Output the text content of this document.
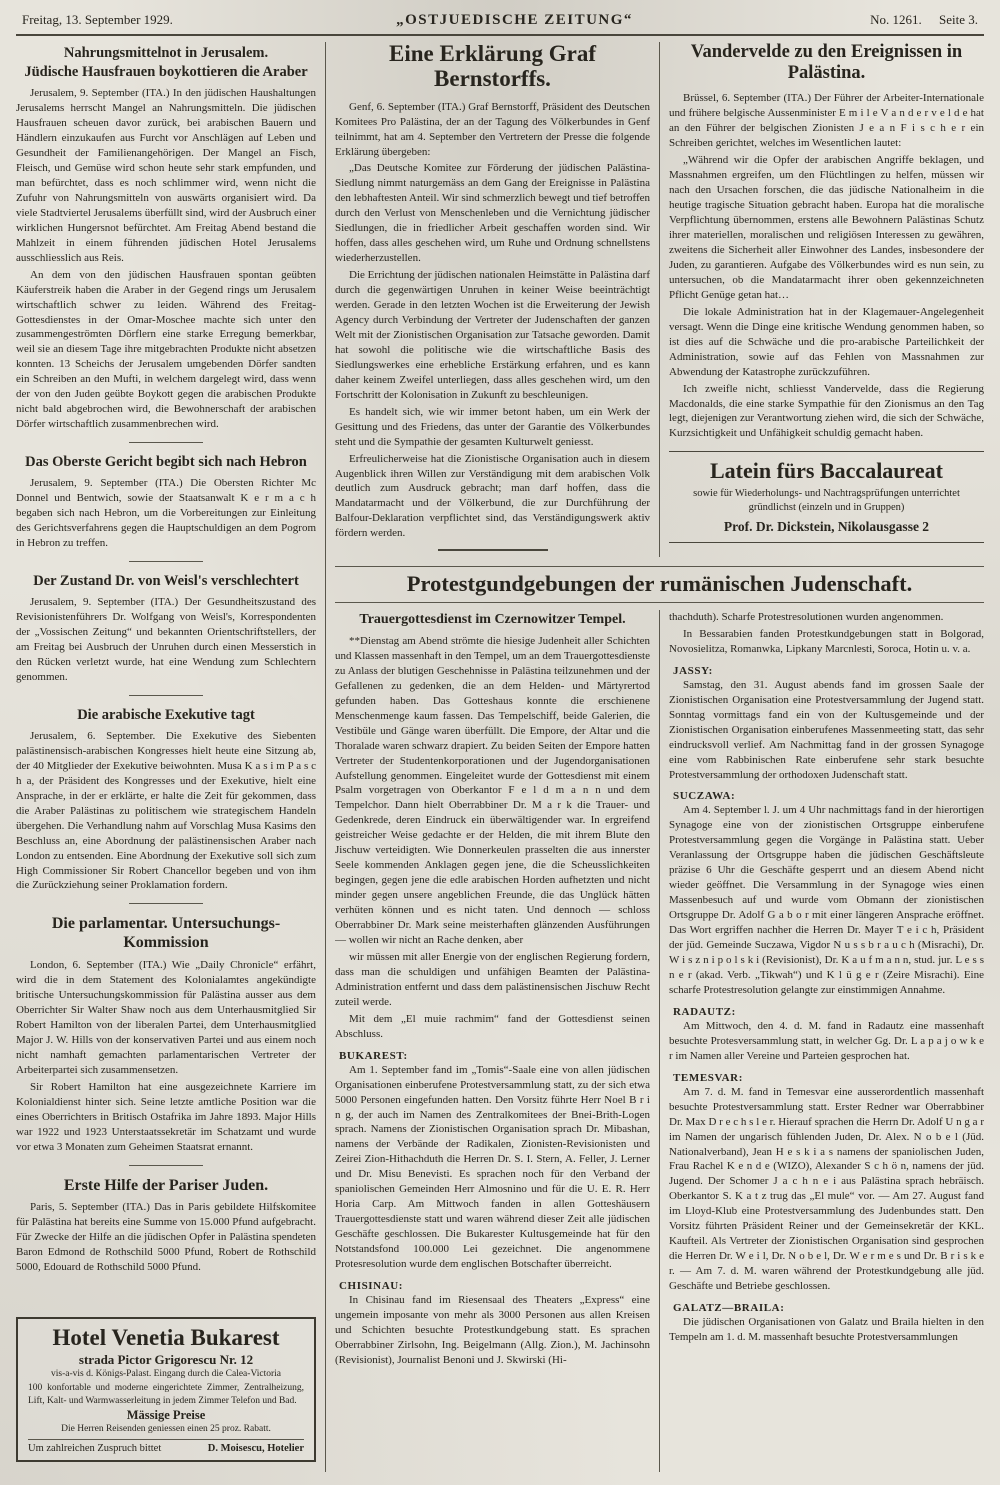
Freitag, 13. September 1929.	„OSTJUEDISCHE ZEITUNG“	No. 1261. Seite 3.
Nahrungsmittelnot in Jerusalem.
Jüdische Hausfrauen boykottieren die Araber

Jerusalem, 9. September (ITA.) In den jüdischen Haushaltungen Jerusalems herrscht Mangel an Nahrungsmitteln. Die jüdischen Hausfrauen scheuen davor zurück, bei arabischen Bauern und Händlern einzukaufen aus Furcht vor Anschlägen auf Leben und Gesundheit der Familienangehörigen. Der Mangel an Fisch, Fleisch, und Gemüse wird schon heute sehr stark empfunden, und man befürchtet, dass es noch schlimmer wird, wenn nicht die Zufuhr von Nahrungsmitteln von auswärts organisiert wird. Da viele Stadtviertel Jerusalems überfüllt sind, wird der Ausbruch einer wirklichen Hungersnot befürchtet. Am Freitag Abend bestand die Mahlzeit in einem führenden jüdischen Hotel Jerusalems ausschliesslich aus Reis.

An dem von den jüdischen Hausfrauen spontan geübten Käuferstreik haben die Araber in der Gegend rings um Jerusalem wirtschaftlich schwer zu leiden. Während des Freitag-Gottesdienstes in der Omar-Moschee machte sich unter den zusammengeströmten Dörflern eine starke Erregung bemerkbar, weil sie an diesem Tage ihre mitgebrachten Produkte nicht absetzen konnten. 13 Scheichs der Jerusalem umgebenden Dörfer sandten ein Schreiben an den Mufti, in welchem dargelegt wird, dass wenn der von den Juden geübte Boykott gegen die arabischen Produkte nicht bald abgebrochen wird, die Bewohnerschaft der arabischen Dörfer wirtschaftlich zusammenbrechen wird.

Das Oberste Gericht begibt sich nach Hebron

Jerusalem, 9. September (ITA.) Die Obersten Richter Mc Donnel und Bentwich, sowie der Staatsanwalt K e r m a c h begaben sich nach Hebron, um die Vorbereitungen zur Einleitung des Gerichtsverfahrens gegen die Hauptschuldigen an dem Pogrom in Hebron zu treffen.

Der Zustand Dr. von Weisl's verschlechtert

Jerusalem, 9. September (ITA.) Der Gesundheitszustand des Revisionistenführers Dr. Wolfgang von Weisl's, Korrespondenten der „Vossischen Zeitung“ und bekannten Orientschriftstellers, der am Freitag bei Ausbruch der Unruhen durch einen Messerstich in den Rücken verletzt wurde, hat eine Wendung zum Schlechtern genommen.

Die arabische Exekutive tagt

Jerusalem, 6. September. Die Exekutive des Siebenten palästinensisch-arabischen Kongresses hielt heute eine Sitzung ab, der 40 Mitglieder der Exekutive beiwohnten. Musa K a s i m P a s c h a, der Präsident des Kongresses und der Exekutive, hielt eine Ansprache, in der er erklärte, er halte die Zeit für gekommen, dass die Araber Palästinas zu politischem wie strategischem Handeln übergehen. Die Verhandlung nahm auf Vorschlag Musa Kasims den Beschluss an, eine Abordnung der palästinensischen Araber nach London zu entsenden. Eine Abordnung der Exekutive soll sich zum High Commissioner Sir Robert Chancellor begeben und von ihm die Zurückziehung seiner Proklamation fordern.

Die parlamentar. Untersuchungs-Kommission

London, 6. September (ITA.) Wie „Daily Chronicle“ erfährt, wird die in dem Statement des Kolonialamtes angekündigte britische Untersuchungskommission für Palästina ausser aus dem Oberrichter Sir Walter Shaw noch aus dem Unterhausmitglied Sir Robert Hamilton von der liberalen Partei, dem Unterhausmitglied Major J. W. Hills von der konservativen Partei und aus einem noch nicht namhaft gemachten parlamentarischen Vertreter der Arbeiterpartei sich zusammensetzen.

Sir Robert Hamilton hat eine ausgezeichnete Karriere im Kolonialdienst hinter sich. Seine letzte amtliche Position war die eines Oberrichters in Britisch Ostafrika im Jahre 1893. Major Hills war 1922 und 1923 Unterstaatssekretär im Schatzamt und wurde vor etwa 3 Monaten zum Geheimen Staatsrat ernannt.

Erste Hilfe der Pariser Juden.

Paris, 5. September (ITA.) Das in Paris gebildete Hilfskomitee für Palästina hat bereits eine Summe von 15.000 Pfund aufgebracht. Für Zwecke der Hilfe an die jüdischen Opfer in Palästina spendeten Baron Edmond de Rothschild 5000 Pfund, Robert de Rothschild 5000, Edouard de Rothschild 5000 Pfund.

Hotel Venetia Bukarest
strada Pictor Grigorescu Nr. 12
vis-a-vis d. Königs-Palast. Eingang durch die Calea-Victoria
100 konfortable und moderne eingerichtete Zimmer, Zentralheizung, Lift, Kalt- und Warmwasserleitung in jedem Zimmer Telefon und Bad.
Mässige Preise
Die Herren Reisenden geniessen einen 25 proz. Rabatt.
Um zahlreichen Zuspruch bittet	D. Moisescu, Hotelier
Eine Erklärung Graf Bernstorffs.

Genf, 6. September (ITA.) Graf Bernstorff, Präsident des Deutschen Komitees Pro Palästina, der an der Tagung des Völkerbundes in Genf teilnimmt, hat am 4. September den Vertretern der Presse die folgende Erklärung übergeben:

„Das Deutsche Komitee zur Förderung der jüdischen Palästina-Siedlung nimmt naturgemäss an dem Gang der Ereignisse in Palästina den lebhaftesten Anteil. Wir sind schmerzlich bewegt und tief betroffen durch den Verlust von Menschenleben und die Vernichtung jüdischer Siedlungen, die in friedlicher Arbeit geschaffen worden sind. Wir hoffen, dass alles geschehen wird, um Ruhe und Ordnung schnellstens wiederherzustellen.

Die Errichtung der jüdischen nationalen Heimstätte in Palästina darf durch die gegenwärtigen Unruhen in keiner Weise beeinträchtigt werden. Gerade in den letzten Wochen ist die Erweiterung der Jewish Agency durch Verbindung der Vertreter der Judenschaften der ganzen Welt mit der Zionistischen Organisation zur Tatsache geworden. Damit hat sowohl die politische wie die wirtschaftliche Basis des Siedlungswerkes eine erhebliche Erstärkung erfahren, und es kann daher keinem Zweifel unterliegen, dass alles geschehen wird, um den Fortschritt der Kolonisation in Zukunft zu beschleunigen.

Es handelt sich, wie wir immer betont haben, um ein Werk der Gesittung und des Friedens, das unter der Garantie des Völkerbundes steht und die Sympathie der gesamten Kulturwelt geniesst.

Erfreulicherweise hat die Zionistische Organisation auch in diesem Augenblick ihren Willen zur Verständigung mit dem arabischen Volk deutlich zum Ausdruck gebracht; man darf hoffen, dass die Mandatarmacht und der Völkerbund, die zur Durchführung der Balfour-Deklaration verpflichtet sind, das Verständigungswerk aktiv fördern werden.

Vandervelde zu den Ereignissen in Palästina.

Brüssel, 6. September (ITA.) Der Führer der Arbeiter-Internationale und frühere belgische Aussenminister E m i l e V a n d e r v e l d e hat an den Führer der belgischen Zionisten J e a n F i s c h e r ein Schreiben gerichtet, welches im Wesentlichen lautet:

„Während wir die Opfer der arabischen Angriffe beklagen, und Massnahmen ergreifen, um den Flüchtlingen zu helfen, müssen wir nach den Ursachen forschen, die das jüdische Nationalheim in die heutige tragische Situation gebracht haben. Europa hat die moralische Verpflichtung übernommen, erstens alle Bewohnern Palästinas Schutz ihrer materiellen, moralischen und religiösen Interessen zu gewähren, zweitens die Sicherheit aller Einwohner des Landes, insbesondere der Juden, zu garantieren. Aufgabe des Völkerbundes wird es nun sein, zu untersuchen, ob die Mandatarmacht ihrer oben gekennzeichneten Pflicht Genüge getan hat…

Die lokale Administration hat in der Klagemauer-Angelegenheit versagt. Wenn die Dinge eine kritische Wendung genommen haben, so ist dies auf die Schwäche und die pro-arabische Parteilichkeit der Administration, sowie auf das Fehlen von Massnahmen zur Abwendung der Katastrophe zurückzuführen.

Ich zweifle nicht, schliesst Vandervelde, dass die Regierung Macdonalds, die eine starke Sympathie für den Zionismus an den Tag legt, diejenigen zur Verantwortung ziehen wird, die sich der Schwäche, Kurzsichtigkeit und Unfähigkeit schuldig gemacht haben.

Latein fürs Baccalaureat
sowie für Wiederholungs- und Nachtragsprüfungen unterrichtet gründlichst (einzeln und in Gruppen)
Prof. Dr. Dickstein, Nikolausgasse 2
Protestgundgebungen der rumänischen Judenschaft.
Trauergottesdienst im Czernowitzer Tempel.

**Dienstag am Abend strömte die hiesige Judenheit aller Schichten und Klassen massenhaft in den Tempel, um an dem Trauergottesdienste zu Anlass der blutigen Geschehnisse in Palästina teilzunehmen und der Gefallenen zu gedenken, die an dem Helden- und Märtyrertod gefunden haben. Das Gotteshaus konnte die erschienene Menschenmenge kaum fassen. Das Tempelschiff, beide Galerien, die Vestibüle und Gänge waren überfüllt. Die Empore, der Altar und die Thoralade waren schwarz drapiert. Zu beiden Seiten der Empore hatten Vertreter der Studentenkorporationen und der Jugendorganisationen Aufstellung genommen. Eingeleitet wurde der Gottesdienst mit einem Psalm vorgetragen von Oberkantor F e l d m a n n und dem Tempelchor. Dann hielt Oberrabbiner Dr. M a r k die Trauer- und Gedenkrede, deren Eindruck ein überwältigender war. In ergreifend geistreicher Weise gedachte er der Helden, die mit ihrem Blute den Jischuw verteidigten. Wie Donnerkeulen prasselten die aus innerster Seele kommenden Anklagen gegen jene, die die Scheusslichkeiten begingen, gegen jene die edle arabischen Horden aufhetzten und nicht minder gegen unsere angeblichen Freunde, die das Unglück hätten verhüten können und es nicht taten. Und dennoch — schloss Oberrabbiner Dr. Mark seine meisterhaften glänzenden Ausführungen — wollen wir nicht an Rache denken, aber

wir müssen mit aller Energie von der englischen Regierung fordern, dass man die schuldigen und unfähigen Beamten der Palästina-Administration entfernt und dass dem palästinensischen Jischuw Recht zuteil werde.

Mit dem „El muie rachmim“ fand der Gottesdienst seinen Abschluss.

BUKAREST:

Am 1. September fand im „Tomis“-Saale eine von allen jüdischen Organisationen einberufene Protestversammlung statt, zu der sich etwa 5000 Personen eingefunden hatten. Den Vorsitz führte Herr Noel B r i n g, der auch im Namen des Zentralkomitees der Bnei-Brith-Logen sprach. Namens der Zionistischen Organisation sprach Dr. Mibashan, namens der Verbände der Radikalen, Zionisten-Revisionisten und Zeirei Zion-Hithachduth die Herren Dr. S. I. Stern, A. Feller, J. Lerner und Dr. Misu Benevisti. Es sprachen noch für den Verband der spaniolischen Gemeinden Herr Almosnino und für die U. E. R. Herr Horia Carp. Am Mittwoch fanden in allen Gotteshäusern Trauergottesdienste statt und waren während dieser Zeit alle jüdischen Geschäfte geschlossen. Die Bukarester Kultusgemeinde hat für den Notstandsfond 100.000 Lei gezeichnet. Die angenommene Protesresolution wurde dem englischen Botschafter überreicht.

CHISINAU:

In Chisinau fand im Riesensaal des Theaters „Express“ eine ungemein imposante von mehr als 3000 Personen aus allen Kreisen und Schichten besuchte Protestkundgebung statt. Es sprachen Oberrabbiner Zirlsohn, Ing. Beigelmann (Allg. Zion.), M. Jachinsohn (Revisionist), Journalist Benoni und J. Skwirski (Hi-

thachduth). Scharfe Protestresolutionen wurden angenommen.

In Bessarabien fanden Protestkundgebungen statt in Bolgorad, Novosielitza, Romanwka, Lipkany Marcnlesti, Soroca, Hotin u. v. a.

JASSY:

Samstag, den 31. August abends fand im grossen Saale der Zionistischen Organisation eine Protestversammlung der Jugend statt. Sonntag vormittags fand ein von der Kultusgemeinde und der Zionistischen Organisation einberufenes Massenmeeting statt, das sehr eindrucksvoll verlief. Am Nachmittag fand in der grossen Synagoge eine vom Rabbinischen Rate einberufene sehr stark besuchte Protestversammlung der orthodoxen Judenschaft statt.

SUCZAWA:

Am 4. September l. J. um 4 Uhr nachmittags fand in der hierortigen Synagoge eine von der zionistischen Ortsgruppe einberufene Protestversammlung gegen die Vorgänge in Palästina statt. Ueber Veranlassung der Ortsgruppe haben die jüdischen Geschäftsleute präzise 6 Uhr die Geschäfte gesperrt und an diesem Abend nicht wieder geöffnet. Die Versammlung in der Synagoge wies einen Massenbesuch auf und wurde vom Obmann der zionistischen Ortsgruppe Dr. Adolf G a b o r mit einer längeren Ansprache eröffnet. Das Wort ergriffen nachher die Herren Dr. Mayer T e i c h, Präsident der jüd. Gemeinde Suczawa, Vigdor N u s s b r a u c h (Misrachi), Dr. W i s z n i p o l s k i (Revisionist), Dr. K a u f m a n n, stud. jur. L e s s n e r (akad. Verb. „Tikwah“) und K l ü g e r (Zeire Misrachi). Eine scharfe Protestresolution gelangte zur einstimmigen Annahme.

RADAUTZ:

Am Mittwoch, den 4. d. M. fand in Radautz eine massenhaft besuchte Protesversammlung statt, in welcher Gg. Dr. L a p a j o w k e r im Namen aller Vereine und Parteien gesprochen hat.

TEMESVAR:

Am 7. d. M. fand in Temesvar eine ausserordentlich massenhaft besuchte Protestversammlung statt. Erster Redner war Oberrabbiner Dr. Max D r e c h s l e r. Hierauf sprachen die Herrn Dr. Adolf U n g a r im Namen der ungarisch fühlenden Juden, Dr. Alex. N o b e l (Jüd. Nationalverband), Jean H e s k i a s namens der spaniolischen Juden, Frau Rachel K e n d e (WIZO), Alexander S c h ö n, namens der jüd. Jugend. Der Schomer J a c h n e i aus Palästina sprach hebräisch. Oberkantor S. K a t z trug das „El mule“ vor. — Am 27. August fand im Lloyd-Klub eine Protestversammlung des Judenbundes statt. Den Vorsitz führten Präsident Reiner und der Gemeinsekretär der KKL. Kaufteil. Als Vertreter der Zionistischen Organisation sind gesprochen die Herren Dr. W e i l, Dr. N o b e l, Dr. W e r m e s und Dr. B r i s k e r. — Am 7. d. M. waren während der Protestkundgebung alle jüd. Geschäfte und Betriebe geschlossen.

GALATZ—BRAILA:

Die jüdischen Organisationen von Galatz und Braila hielten in den Tempeln am 1. d. M. massenhaft besuchte Protestversammlungen
